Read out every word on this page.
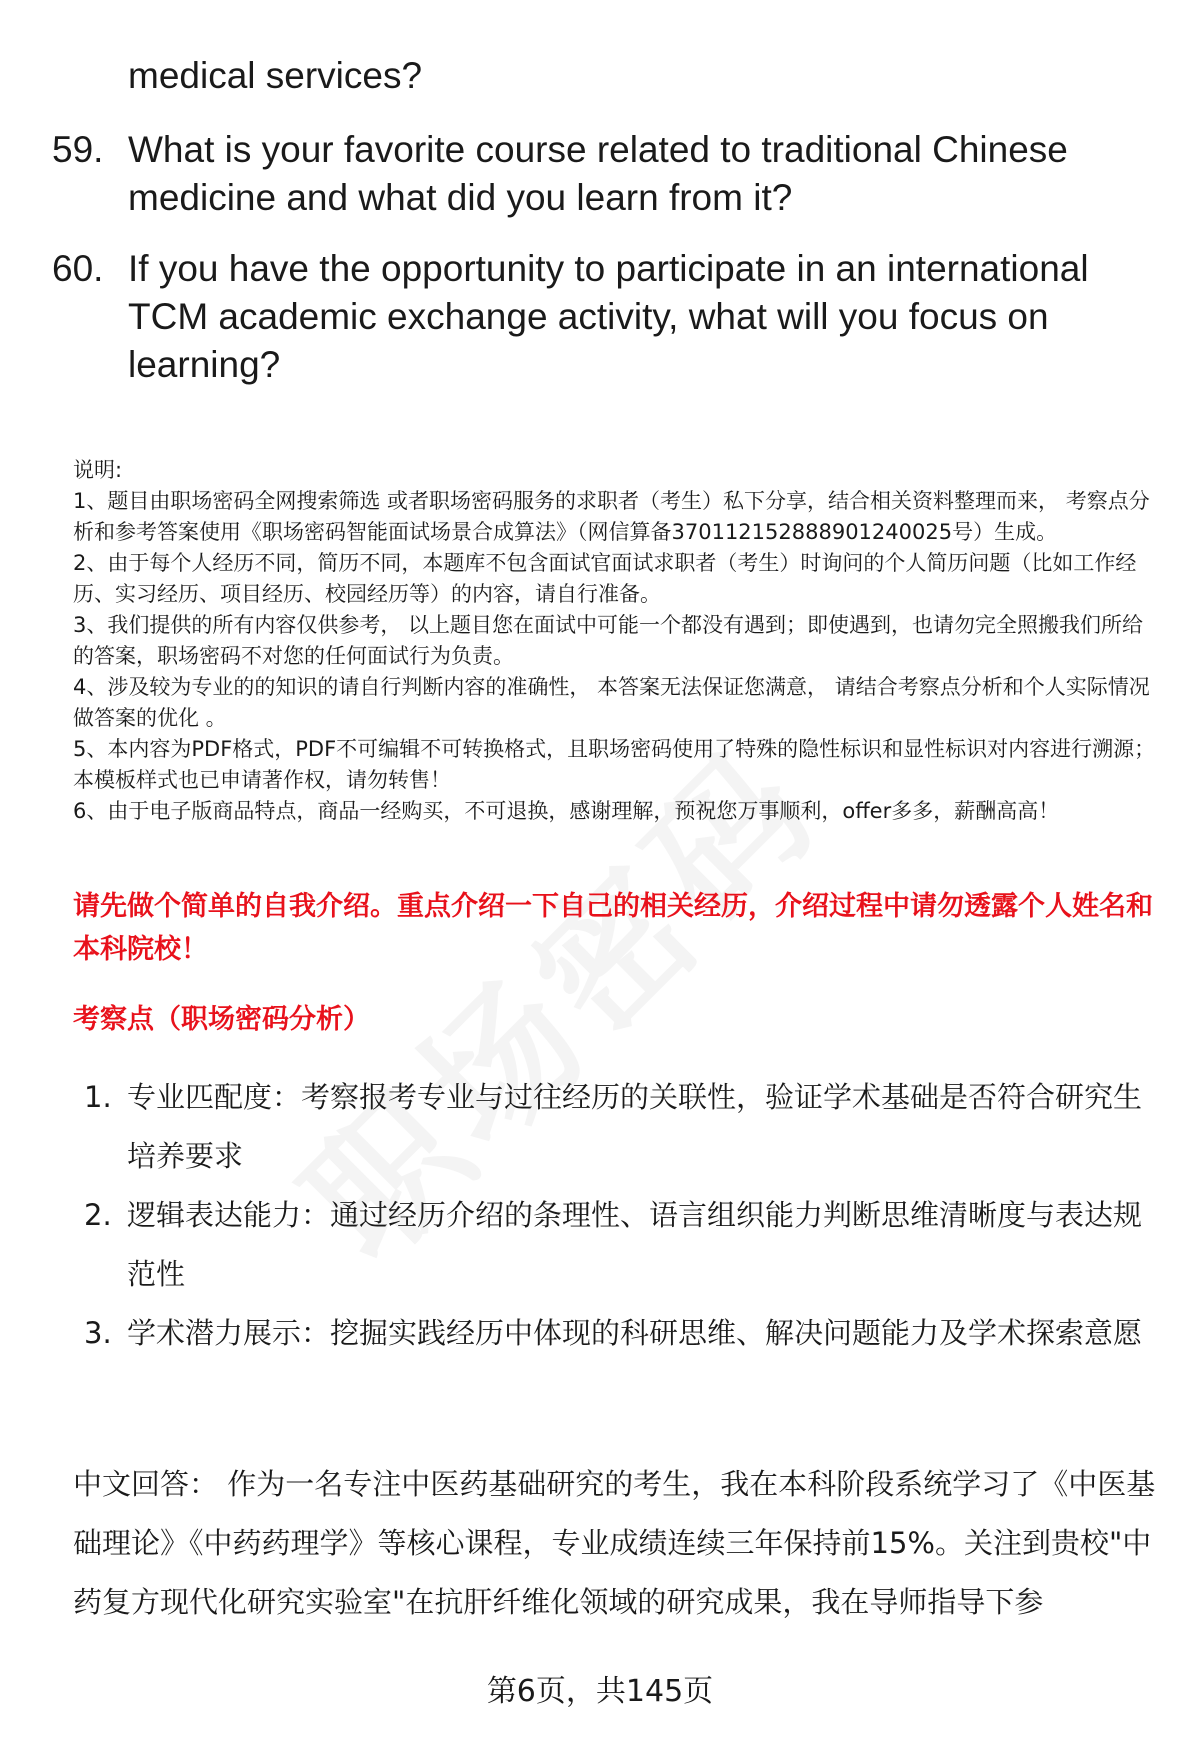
medical services?
59. What is your favorite course related to traditional Chinese medicine and what did you learn from it?
60. If you have the opportunity to participate in an international TCM academic exchange activity, what will you focus on learning?

说明:

1、题目由职场密码全网搜索筛选 或者职场密码服务的求职者（考生）私下分享，结合相关资料整理而来， 考察点分析和参考答案使用《职场密码智能面试场景合成算法》（网信算备370112152888901240025号）生成。

2、由于每个人经历不同，简历不同，本题库不包含面试官面试求职者（考生）时询问的个人简历问题（比如工作经历、实习经历、项目经历、校园经历等）的内容，请自行准备。

3、我们提供的所有内容仅供参考， 以上题目您在面试中可能一个都没有遇到；即使遇到，也请勿完全照搬我们所给的答案，职场密码不对您的任何面试行为负责。

4、涉及较为专业的的知识的请自行判断内容的准确性， 本答案无法保证您满意， 请结合考察点分析和个人实际情况做答案的优化 。

5、本内容为PDF格式，PDF不可编辑不可转换格式，且职场密码使用了特殊的隐性标识和显性标识对内容进行溯源；本模板样式也已申请著作权，请勿转售！

6、由于电子版商品特点，商品一经购买，不可退换，感谢理解，预祝您万事顺利，offer多多，薪酬高高！

请先做个简单的自我介绍。重点介绍一下自己的相关经历，介绍过程中请勿透露个人姓名和本科院校！
考察点（职场密码分析）
1. 专业匹配度：考察报考专业与过往经历的关联性，验证学术基础是否符合研究生培养要求
2. 逻辑表达能力：通过经历介绍的条理性、语言组织能力判断思维清晰度与表达规范性
3. 学术潜力展示：挖掘实践经历中体现的科研思维、解决问题能力及学术探索意愿
中文回答： 作为一名专注中医药基础研究的考生，我在本科阶段系统学习了《中医基础理论》《中药药理学》等核心课程，专业成绩连续三年保持前15%。关注到贵校"中药复方现代化研究实验室"在抗肝纤维化领域的研究成果，我在导师指导下参
第6页，共145页
